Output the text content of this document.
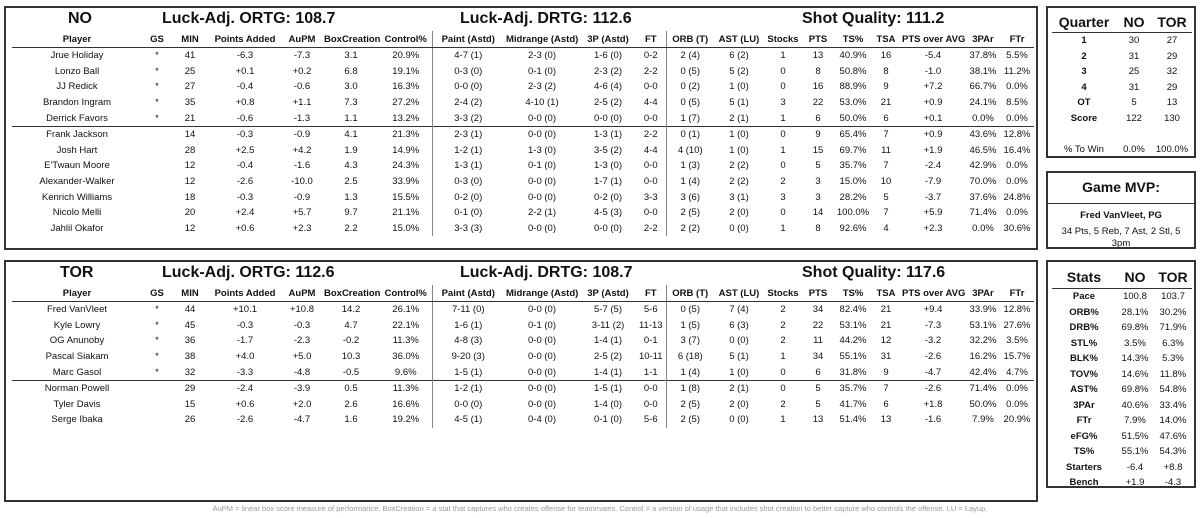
NO	Luck-Adj. ORTG: 108.7	Luck-Adj. DRTG: 112.6	Shot Quality: 111.2
Player	GS	MIN	Points Added	AuPM	BoxCreation	Control%	Paint (Astd)	Midrange (Astd)	3P (Astd)	FT	ORB (T)	AST (LU)	Stocks	PTS	TS%	TSA	PTS over AVG	3PAr	FTr
Jrue Holiday	*	41	-6.3	-7.3	3.1	20.9%	4-7 (1)	2-3 (0)	1-6 (0)	0-2	2 (4)	6 (2)	1	13	40.9%	16	-5.4	37.8%	5.5%
Lonzo Ball	*	25	+0.1	+0.2	6.8	19.1%	0-3 (0)	0-1 (0)	2-3 (2)	2-2	0 (5)	5 (2)	0	8	50.8%	8	-1.0	38.1%	11.2%
JJ Redick	*	27	-0.4	-0.6	3.0	16.3%	0-0 (0)	2-3 (2)	4-6 (4)	0-0	0 (2)	1 (0)	0	16	88.9%	9	+7.2	66.7%	0.0%
Brandon Ingram	*	35	+0.8	+1.1	7.3	27.2%	2-4 (2)	4-10 (1)	2-5 (2)	4-4	0 (5)	5 (1)	3	22	53.0%	21	+0.9	24.1%	8.5%
Derrick Favors	*	21	-0.6	-1.3	1.1	13.2%	3-3 (2)	0-0 (0)	0-0 (0)	0-0	1 (7)	2 (1)	1	6	50.0%	6	+0.1	0.0%	0.0%
Frank Jackson		14	-0.3	-0.9	4.1	21.3%	2-3 (1)	0-0 (0)	1-3 (1)	2-2	0 (1)	1 (0)	0	9	65.4%	7	+0.9	43.6%	12.8%
Josh Hart		28	+2.5	+4.2	1.9	14.9%	1-2 (1)	1-3 (0)	3-5 (2)	4-4	4 (10)	1 (0)	1	15	69.7%	11	+1.9	46.5%	16.4%
E'Twaun Moore		12	-0.4	-1.6	4.3	24.3%	1-3 (1)	0-1 (0)	1-3 (0)	0-0	1 (3)	2 (2)	0	5	35.7%	7	-2.4	42.9%	0.0%
Alexander-Walker		12	-2.6	-10.0	2.5	33.9%	0-3 (0)	0-0 (0)	1-7 (1)	0-0	1 (4)	2 (2)	2	3	15.0%	10	-7.9	70.0%	0.0%
Kenrich Williams		18	-0.3	-0.9	1.3	15.5%	0-2 (0)	0-0 (0)	0-2 (0)	3-3	3 (6)	3 (1)	3	3	28.2%	5	-3.7	37.6%	24.8%
Nicolo Melli		20	+2.4	+5.7	9.7	21.1%	0-1 (0)	2-2 (1)	4-5 (3)	0-0	2 (5)	2 (0)	0	14	100.0%	7	+5.9	71.4%	0.0%
Jahlil Okafor		12	+0.6	+2.3	2.2	15.0%	3-3 (3)	0-0 (0)	0-0 (0)	2-2	2 (2)	0 (0)	1	8	92.6%	4	+2.3	0.0%	30.6%
TOR	Luck-Adj. ORTG: 112.6	Luck-Adj. DRTG: 108.7	Shot Quality: 117.6
Player	GS	MIN	Points Added	AuPM	BoxCreation	Control%	Paint (Astd)	Midrange (Astd)	3P (Astd)	FT	ORB (T)	AST (LU)	Stocks	PTS	TS%	TSA	PTS over AVG	3PAr	FTr
Fred VanVleet	*	44	+10.1	+10.8	14.2	26.1%	7-11 (0)	0-0 (0)	5-7 (5)	5-6	0 (5)	7 (4)	2	34	82.4%	21	+9.4	33.9%	12.8%
Kyle Lowry	*	45	-0.3	-0.3	4.7	22.1%	1-6 (1)	0-1 (0)	3-11 (2)	11-13	1 (5)	6 (3)	2	22	53.1%	21	-7.3	53.1%	27.6%
OG Anunoby	*	36	-1.7	-2.3	-0.2	11.3%	4-8 (3)	0-0 (0)	1-4 (1)	0-1	3 (7)	0 (0)	2	11	44.2%	12	-3.2	32.2%	3.5%
Pascal Siakam	*	38	+4.0	+5.0	10.3	36.0%	9-20 (3)	0-0 (0)	2-5 (2)	10-11	6 (18)	5 (1)	1	34	55.1%	31	-2.6	16.2%	15.7%
Marc Gasol	*	32	-3.3	-4.8	-0.5	9.6%	1-5 (1)	0-0 (0)	1-4 (1)	1-1	1 (4)	1 (0)	0	6	31.8%	9	-4.7	42.4%	4.7%
Norman Powell		29	-2.4	-3.9	0.5	11.3%	1-2 (1)	0-0 (0)	1-5 (1)	0-0	1 (8)	2 (1)	0	5	35.7%	7	-2.6	71.4%	0.0%
Tyler Davis		15	+0.6	+2.0	2.6	16.6%	0-0 (0)	0-0 (0)	1-4 (0)	0-0	2 (5)	2 (0)	2	5	41.7%	6	+1.8	50.0%	0.0%
Serge Ibaka		26	-2.6	-4.7	1.6	19.2%	4-5 (1)	0-4 (0)	0-1 (0)	5-6	2 (5)	0 (0)	1	13	51.4%	13	-1.6	7.9%	20.9%
Quarter	NO	TOR
1	30	27
2	31	29
3	25	32
4	31	29
OT	5	13
Score	122	130

% To Win	0.0%	100.0%
Game MVP:
Fred VanVleet, PG
34 Pts, 5 Reb, 7 Ast, 2 Stl, 5 3pm
Stats	NO	TOR
Pace	100.8	103.7
ORB%	28.1%	30.2%
DRB%	69.8%	71.9%
STL%	3.5%	6.3%
BLK%	14.3%	5.3%
TOV%	14.6%	11.8%
AST%	69.8%	54.8%
3PAr	40.6%	33.4%
FTr	7.9%	14.0%
eFG%	51.5%	47.6%
TS%	55.1%	54.3%
Starters	-6.4	+8.8
Bench	+1.9	-4.3
AuPM = linear box score measure of performance. BoxCreation = a stat that captures who creates offense for teammates. Control = a version of usage that includes shot creation to better capture who controls the offense. LU = Layup.
